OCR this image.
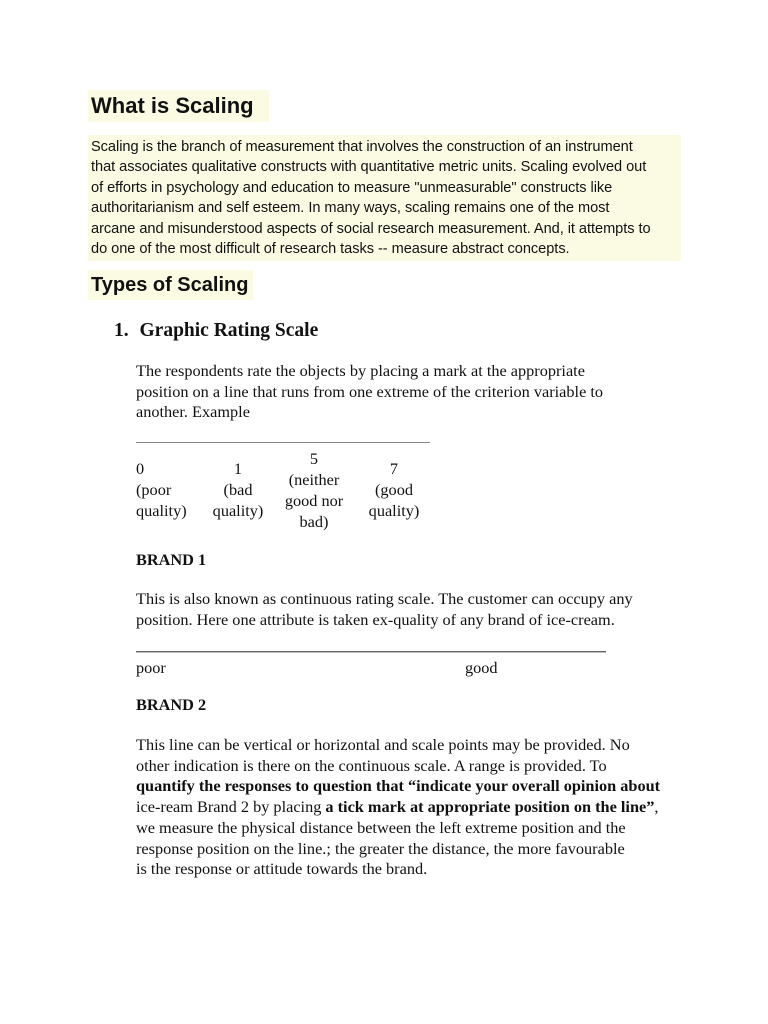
What is Scaling
Scaling is the branch of measurement that involves the construction of an instrument
that associates qualitative constructs with quantitative metric units. Scaling evolved out
of efforts in psychology and education to measure "unmeasurable" constructs like
authoritarianism and self esteem. In many ways, scaling remains one of the most
arcane and misunderstood aspects of social research measurement. And, it attempts to
do one of the most difficult of research tasks -- measure abstract concepts.
Types of Scaling
1. Graphic Rating Scale
The respondents rate the objects by placing a mark at the appropriate
position on a line that runs from one extreme of the criterion variable to
another. Example
0
(poor
quality)
1
(bad
quality)
5
(neither
good nor
bad)
7
(good
quality)
BRAND 1
This is also known as continuous rating scale. The customer can occupy any
position. Here one attribute is taken ex-quality of any brand of ice-cream.
poor	good
BRAND 2
This line can be vertical or horizontal and scale points may be provided. No
other indication is there on the continuous scale. A range is provided. To
quantify the responses to question that “indicate your overall opinion about
ice-ream Brand 2 by placing a tick mark at appropriate position on the line”,
we measure the physical distance between the left extreme position and the
response position on the line.; the greater the distance, the more favourable
is the response or attitude towards the brand.
